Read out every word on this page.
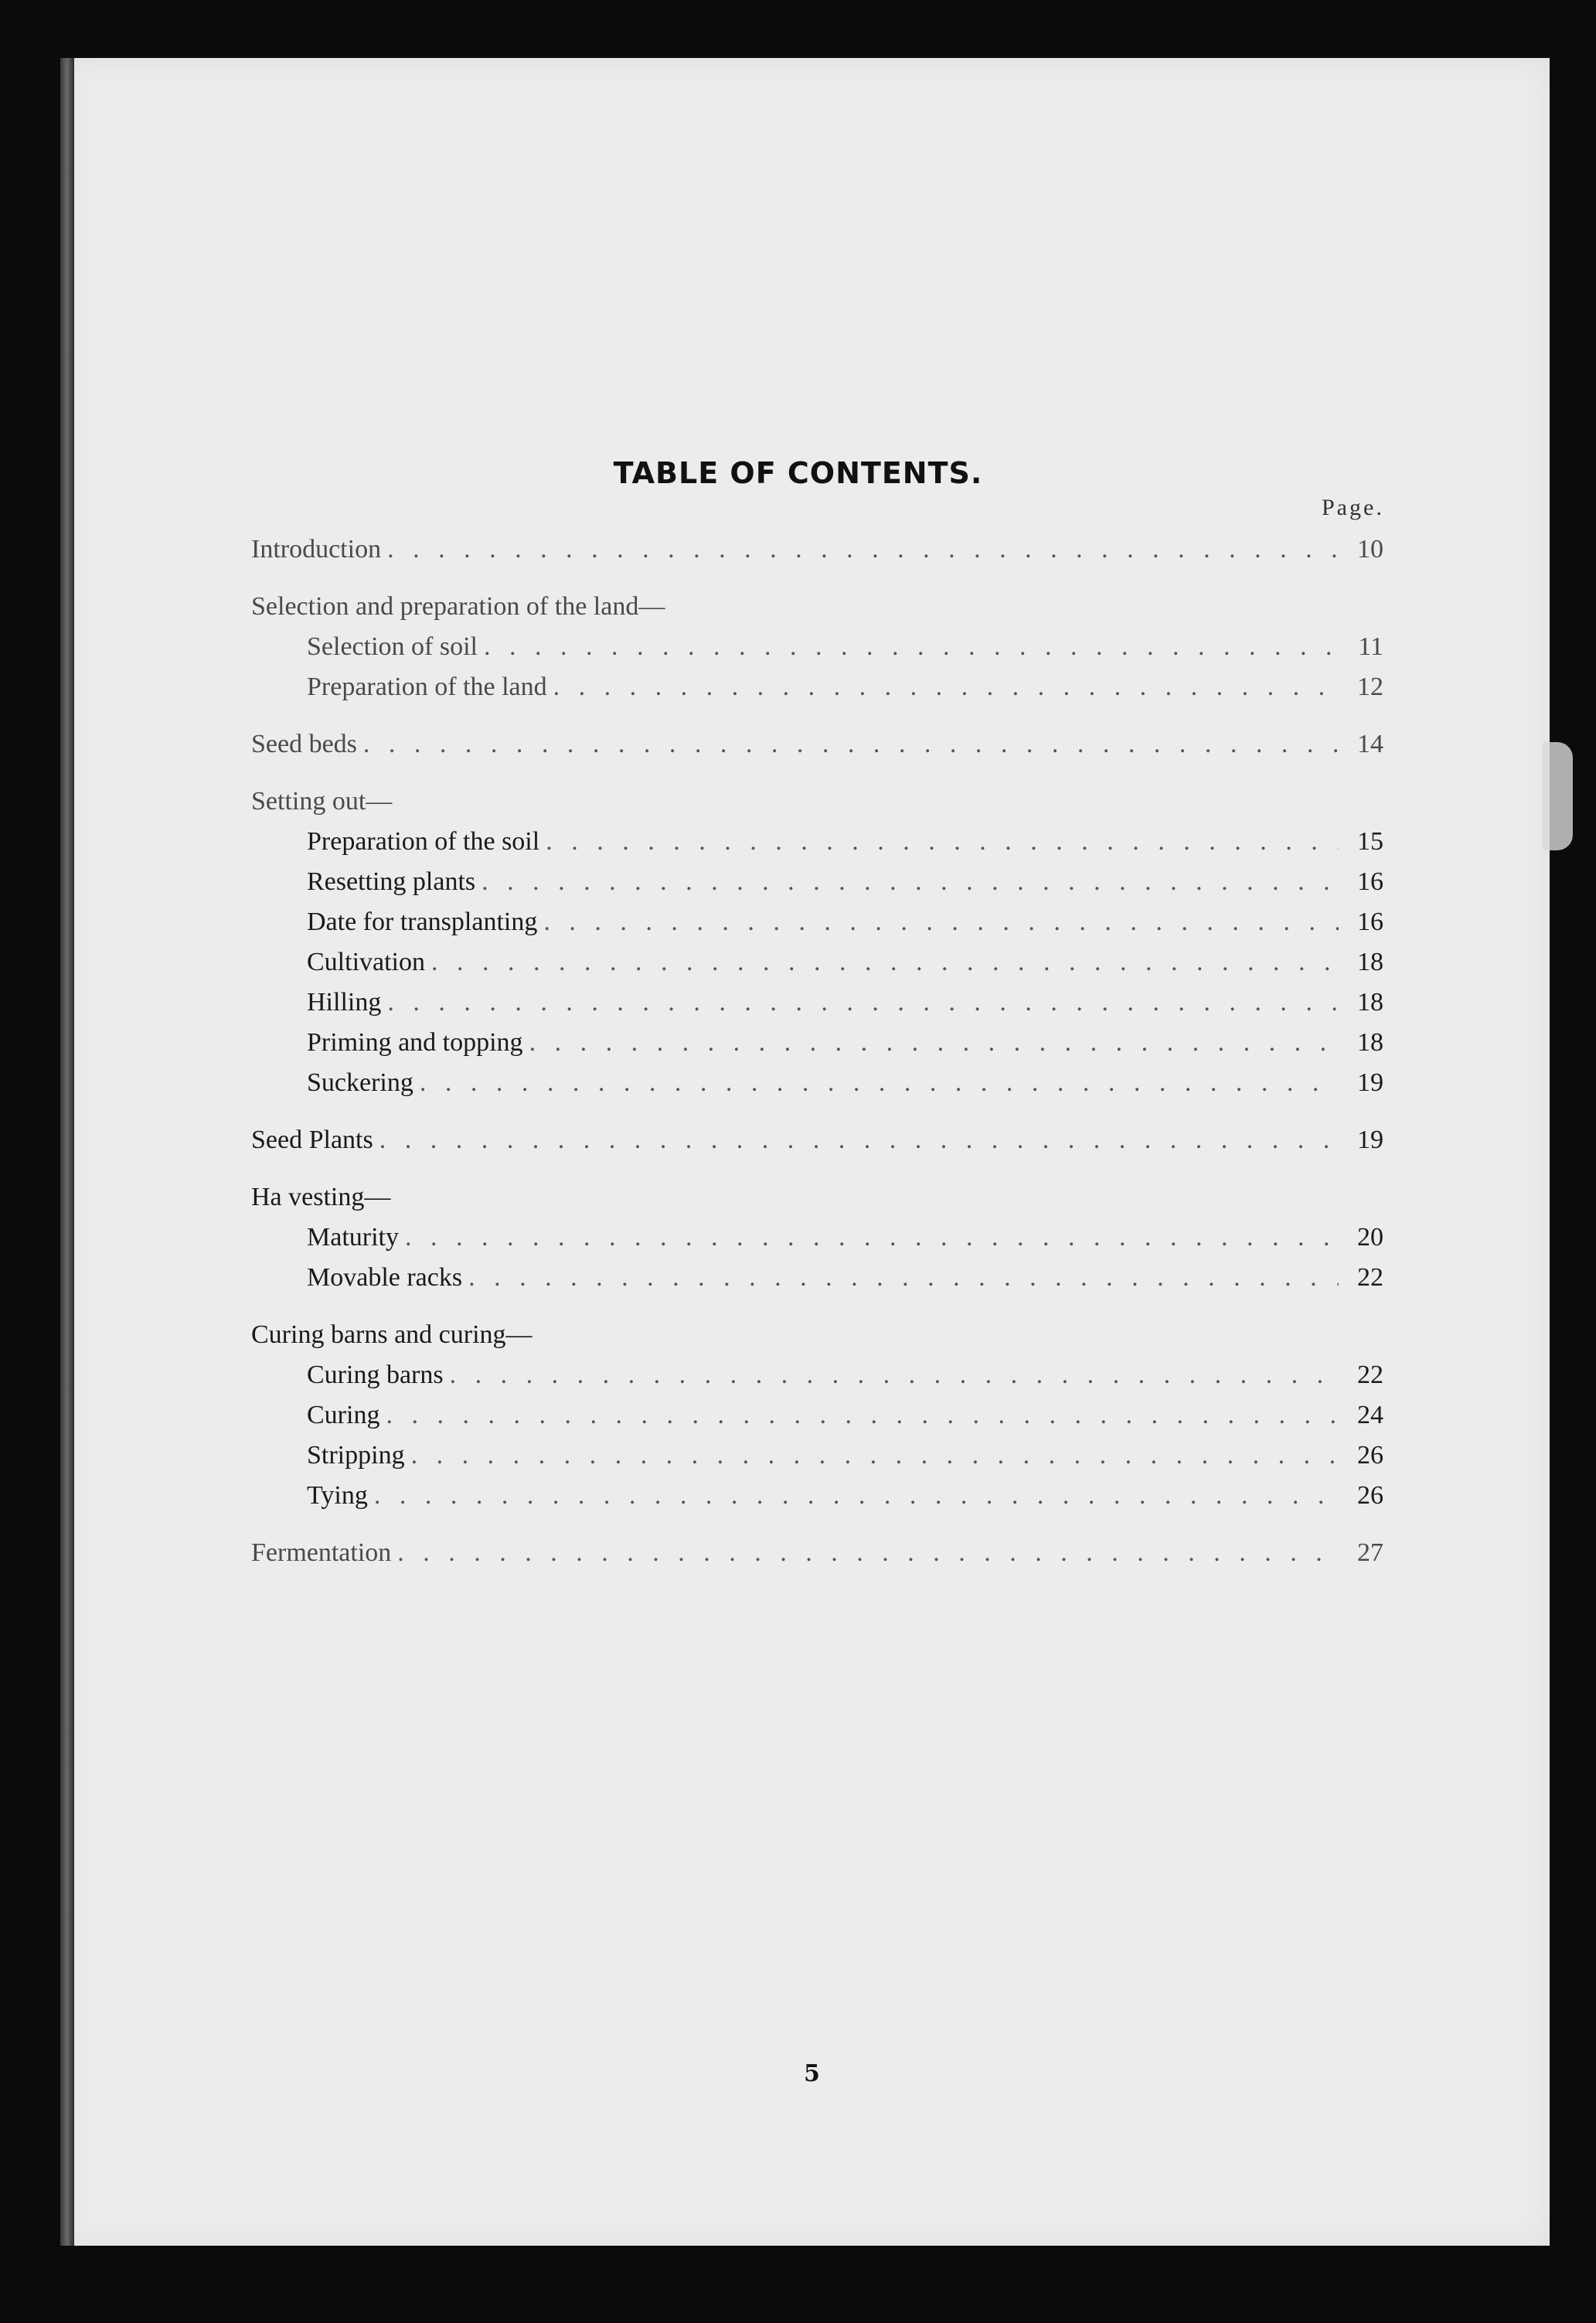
TABLE OF CONTENTS.
Page.
Introduction . . .	10
Selection and preparation of the land—
Selection of soil . . .	11
Preparation of the land . . .	12
Seed beds . . .	14
Setting out—
Preparation of the soil . . .	15
Resetting plants . . .	16
Date for transplanting . . .	16
Cultivation . . .	18
Hilling . . .	18
Priming and topping . . .	18
Suckering . . .	19
Seed Plants . . .	19
Ha vesting—
Maturity . . .	20
Movable racks . . .	22
Curing barns and curing—
Curing barns . . .	22
Curing . . .	24
Stripping . . .	26
Tying . . .	26
Fermentation . . .	27
5
